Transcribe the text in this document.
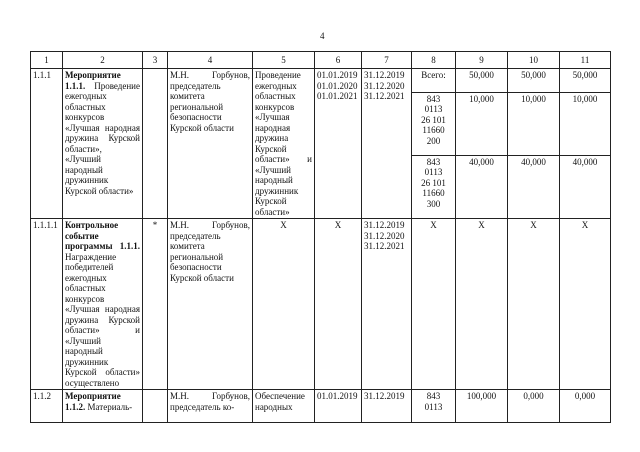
4
1	2	3	4	5	6	7	8	9	10	11
1.1.1	Мероприятие 1.1.1. Проведение ежегодных областных конкурсов «Лучшая народная дружина Курской области», «Лучший народный дружинник Курской области»		М.Н. Горбунов, председатель комитета региональной безопасности Курской области	Проведение ежегодных областных конкурсов «Лучшая народная дружина Курской области» и «Лучший народный дружинник Курской области»	01.01.2019
01.01.2020
01.01.2021	31.12.2019
31.12.2020
31.12.2021	Всего:	50,000	50,000	50,000
							843
0113
26 101
11660
200	10,000	10,000	10,000
							843
0113
26 101
11660
300	40,000	40,000	40,000
1.1.1.1	Контрольное событие программы 1.1.1. Награждение победителей ежегодных областных конкурсов «Лучшая народная дружина Курской области» и «Лучший народный дружинник Курской области» осуществлено	*	М.Н. Горбунов, председатель комитета региональной безопасности Курской области	Х	Х	31.12.2019
31.12.2020
31.12.2021	Х	Х	Х	Х
1.1.2	Мероприятие 1.1.2. Материаль-		М.Н. Горбунов, председатель ко-	Обеспечение народных	01.01.2019	31.12.2019	843
0113	100,000	0,000	0,000
